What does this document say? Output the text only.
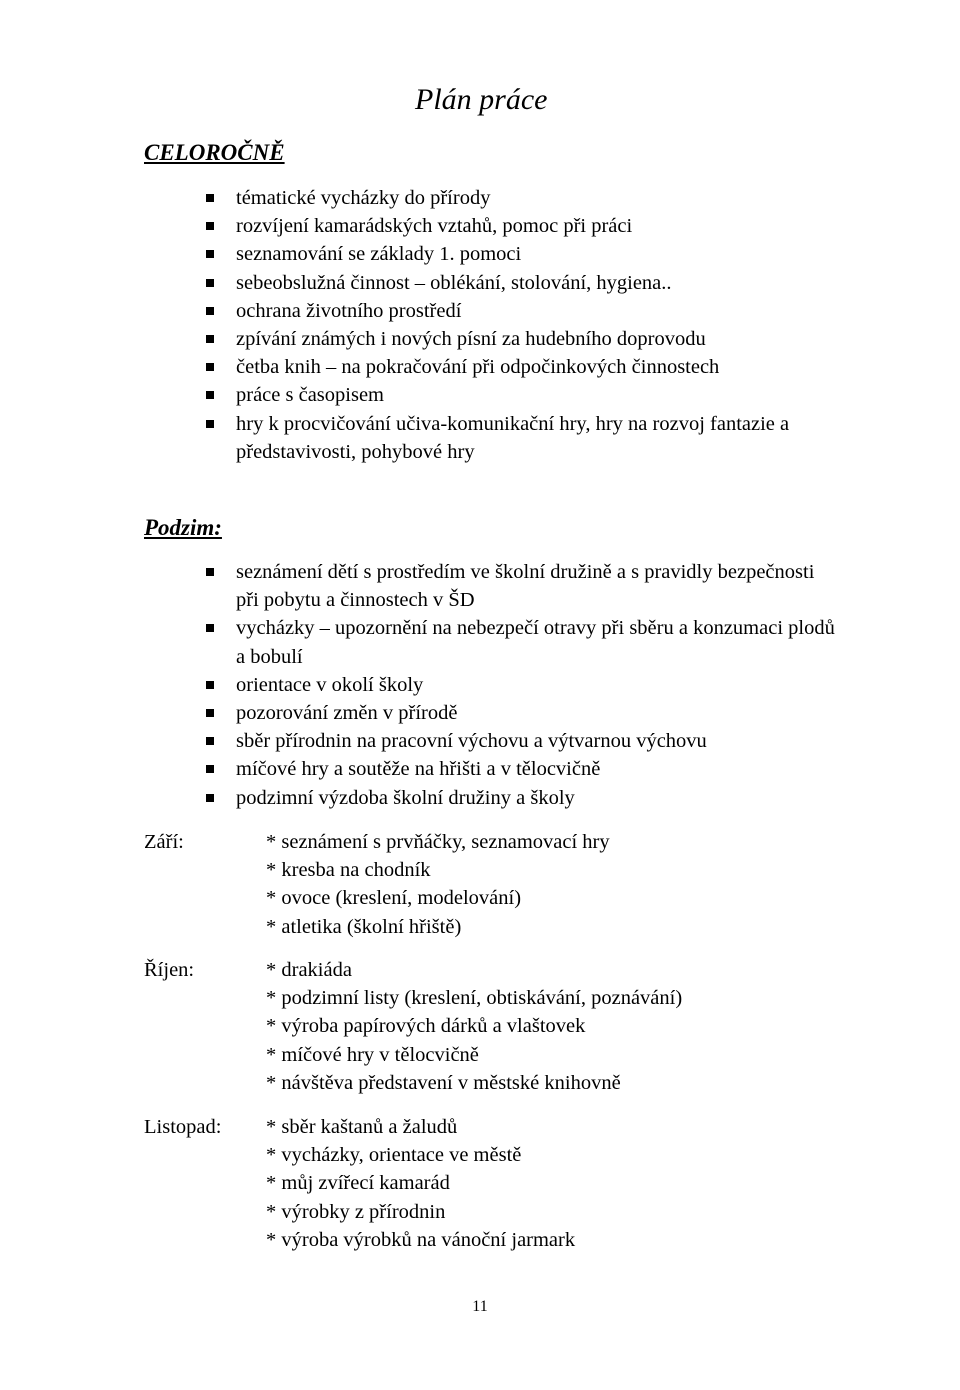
Plán práce
CELOROČNĚ
tématické vycházky do přírody
rozvíjení kamarádských vztahů, pomoc při práci
seznamování se základy 1. pomoci
sebeobslužná činnost – oblékání, stolování, hygiena..
ochrana životního prostředí
zpívání známých i nových písní za hudebního doprovodu
četba knih – na pokračování při odpočinkových činnostech
práce s časopisem
hry k procvičování učiva-komunikační hry, hry na rozvoj fantazie a představivosti, pohybové hry
Podzim:
seznámení dětí s prostředím ve školní družině a s pravidly bezpečnosti při pobytu a činnostech v ŠD
vycházky – upozornění na nebezpečí otravy při sběru a konzumaci plodů a bobulí
orientace v okolí školy
pozorování změn v přírodě
sběr přírodnin na pracovní výchovu a výtvarnou výchovu
míčové hry a soutěže na hřišti a v tělocvičně
podzimní výzdoba školní družiny a školy

Září:	* seznámení s prvňáčky, seznamovací hry
* kresba na chodník
* ovoce (kreslení, modelování)
* atletika (školní hřiště)

Říjen:	* drakiáda
* podzimní listy (kreslení, obtiskávání, poznávání)
* výroba papírových dárků a vlaštovek
* míčové hry v tělocvičně
* návštěva představení v městské knihovně

Listopad: * sběr kaštanů a žaludů
* vycházky, orientace ve městě
* můj zvířecí kamarád
* výrobky z přírodnin
* výroba výrobků na vánoční jarmark

11
